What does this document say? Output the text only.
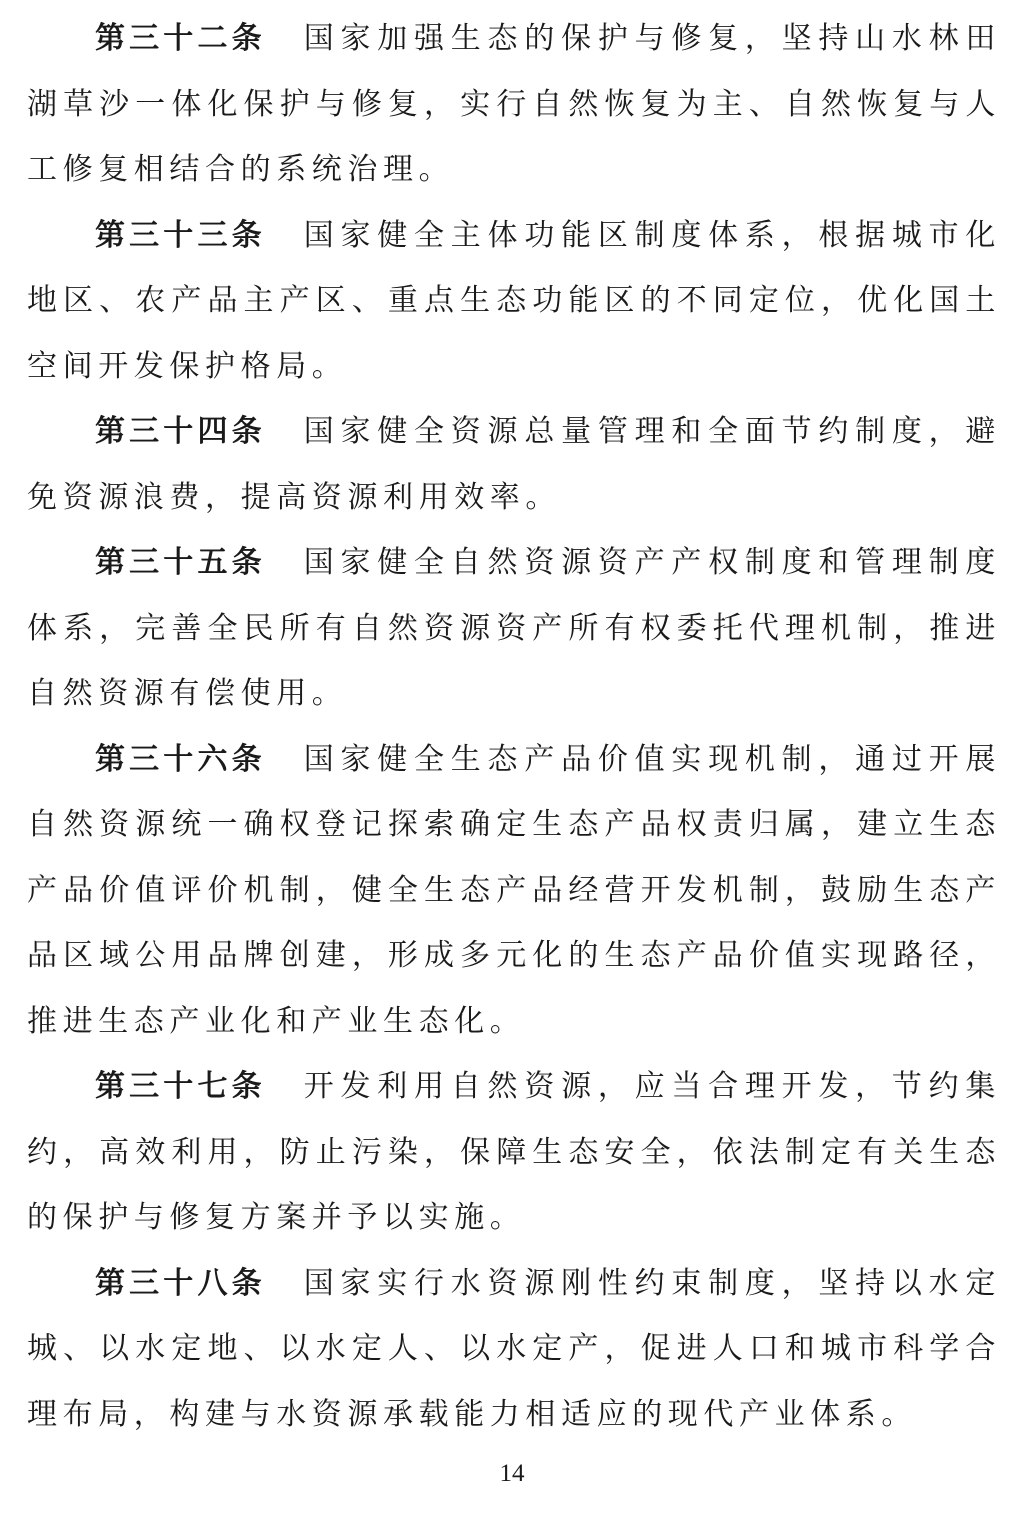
第三十二条 国家加强生态的保护与修复，坚持山水林田湖草沙一体化保护与修复，实行自然恢复为主、自然恢复与人工修复相结合的系统治理。

第三十三条 国家健全主体功能区制度体系，根据城市化地区、农产品主产区、重点生态功能区的不同定位，优化国土空间开发保护格局。

第三十四条 国家健全资源总量管理和全面节约制度，避免资源浪费，提高资源利用效率。

第三十五条 国家健全自然资源资产产权制度和管理制度体系，完善全民所有自然资源资产所有权委托代理机制，推进自然资源有偿使用。

第三十六条 国家健全生态产品价值实现机制，通过开展自然资源统一确权登记探索确定生态产品权责归属，建立生态产品价值评价机制，健全生态产品经营开发机制，鼓励生态产品区域公用品牌创建，形成多元化的生态产品价值实现路径，推进生态产业化和产业生态化。

第三十七条 开发利用自然资源，应当合理开发，节约集约，高效利用，防止污染，保障生态安全，依法制定有关生态的保护与修复方案并予以实施。

第三十八条 国家实行水资源刚性约束制度，坚持以水定城、以水定地、以水定人、以水定产，促进人口和城市科学合理布局，构建与水资源承载能力相适应的现代产业体系。

14
